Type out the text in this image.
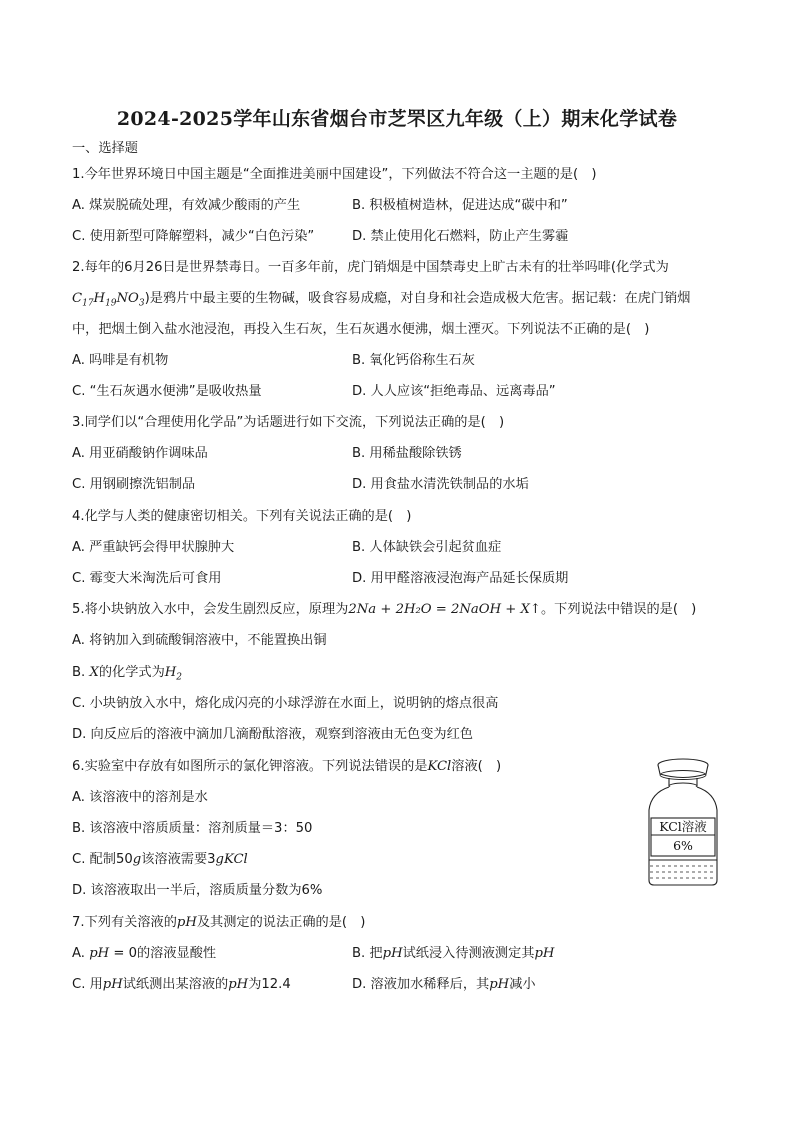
2024-2025学年山东省烟台市芝罘区九年级（上）期末化学试卷
一、选择题
1.今年世界环境日中国主题是“全面推进美丽中国建设”，下列做法不符合这一主题的是(　)
A. 煤炭脱硫处理，有效减少酸雨的产生	B. 积极植树造林，促进达成“碳中和”
C. 使用新型可降解塑料，减少“白色污染”	D. 禁止使用化石燃料，防止产生雾霾
2.每年的6月26日是世界禁毒日。一百多年前，虎门销烟是中国禁毒史上旷古未有的壮举吗啡(化学式为
$C_{17}H_{19}NO_3$)是鸦片中最主要的生物碱，吸食容易成瘾，对自身和社会造成极大危害。据记载：在虎门销烟
中，把烟土倒入盐水池浸泡，再投入生石灰，生石灰遇水便沸，烟土湮灭。下列说法不正确的是(　)
A. 吗啡是有机物	B. 氧化钙俗称生石灰
C. “生石灰遇水便沸”是吸收热量	D. 人人应该“拒绝毒品、远离毒品”
3.同学们以“合理使用化学品”为话题进行如下交流，下列说法正确的是(　)
A. 用亚硝酸钠作调味品	B. 用稀盐酸除铁锈
C. 用钢刷擦洗铝制品	D. 用食盐水清洗铁制品的水垢
4.化学与人类的健康密切相关。下列有关说法正确的是(　)
A. 严重缺钙会得甲状腺肿大	B. 人体缺铁会引起贫血症
C. 霉变大米淘洗后可食用	D. 用甲醛溶液浸泡海产品延长保质期
5.将小块钠放入水中，会发生剧烈反应，原理为2Na + 2H₂O = 2NaOH + X↑。下列说法中错误的是(　)
A. 将钠加入到硫酸铜溶液中，不能置换出铜
B. X的化学式为$H_2$
C. 小块钠放入水中，熔化成闪亮的小球浮游在水面上，说明钠的熔点很高
D. 向反应后的溶液中滴加几滴酚酞溶液，观察到溶液由无色变为红色
6.实验室中存放有如图所示的氯化钾溶液。下列说法错误的是KCl溶液(　)
A. 该溶液中的溶剂是水
B. 该溶液中溶质质量：溶剂质量＝3：50
C. 配制50g该溶液需要3gKCl
D. 该溶液取出一半后，溶质质量分数为6%
KCl溶液
6%
7.下列有关溶液的pH及其测定的说法正确的是(　)
A. pH = 0的溶液显酸性	B. 把pH试纸浸入待测液测定其pH
C. 用pH试纸测出某溶液的pH为12.4	D. 溶液加水稀释后，其pH减小
